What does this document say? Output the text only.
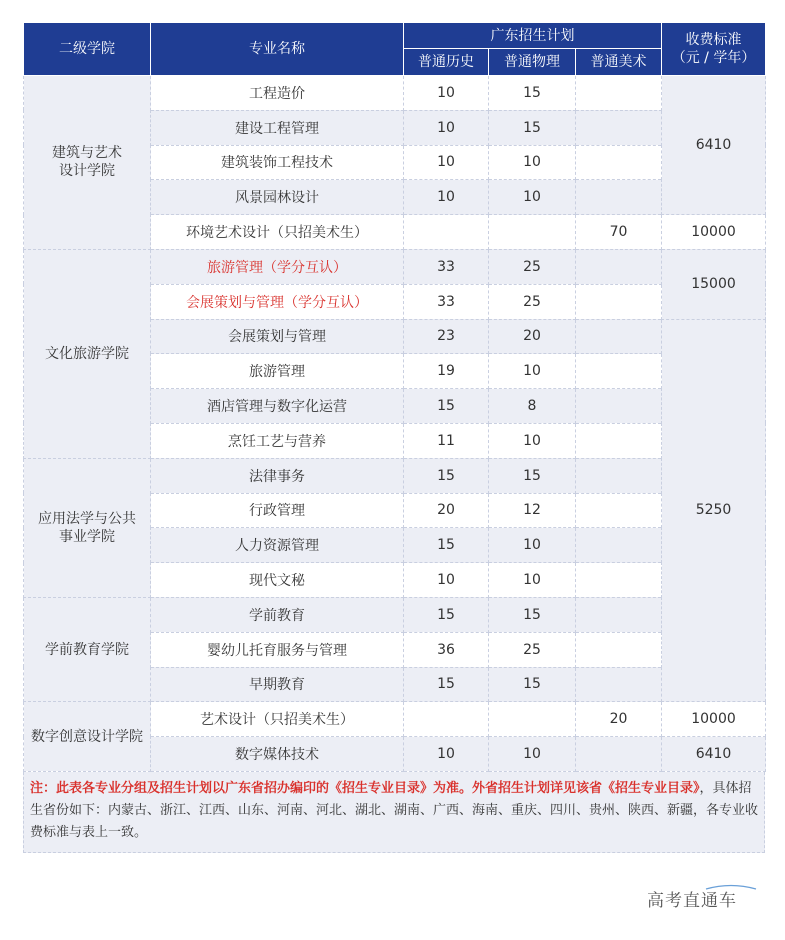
二级学院	专业名称	广东招生计划			收费标准
（元 / 学年）

		普通历史	普通物理	普通美术	

建筑与艺术
设计学院	工程造价	10	15		6410
	建设工程管理	10	15		
	建筑装饰工程技术	10	10		
	风景园林设计	10	10		
	环境艺术设计（只招美术生）			70	10000

文化旅游学院	旅游管理（学分互认）	33	25		15000
	会展策划与管理（学分互认）	33	25		
	会展策划与管理	23	20		5250
	旅游管理	19	10		
	酒店管理与数字化运营	15	8		
	烹饪工艺与营养	11	10		

应用法学与公共
事业学院	法律事务	15	15		
	行政管理	20	12		
	人力资源管理	15	10		
	现代文秘	10	10		

学前教育学院	学前教育	15	15		
	婴幼儿托育服务与管理	36	25		
	早期教育	15	15		

数字创意设计学院	艺术设计（只招美术生）			20	10000
	数字媒体技术	10	10		6410
注：此表各专业分组及招生计划以广东省招办编印的《招生专业目录》为准。外省招生计划详见该省《招生专业目录》，具体招生省份如下：内蒙古、浙江、江西、山东、河南、河北、湖北、湖南、广西、海南、重庆、四川、贵州、陕西、新疆，各专业收费标准与表上一致。
高考直通车
